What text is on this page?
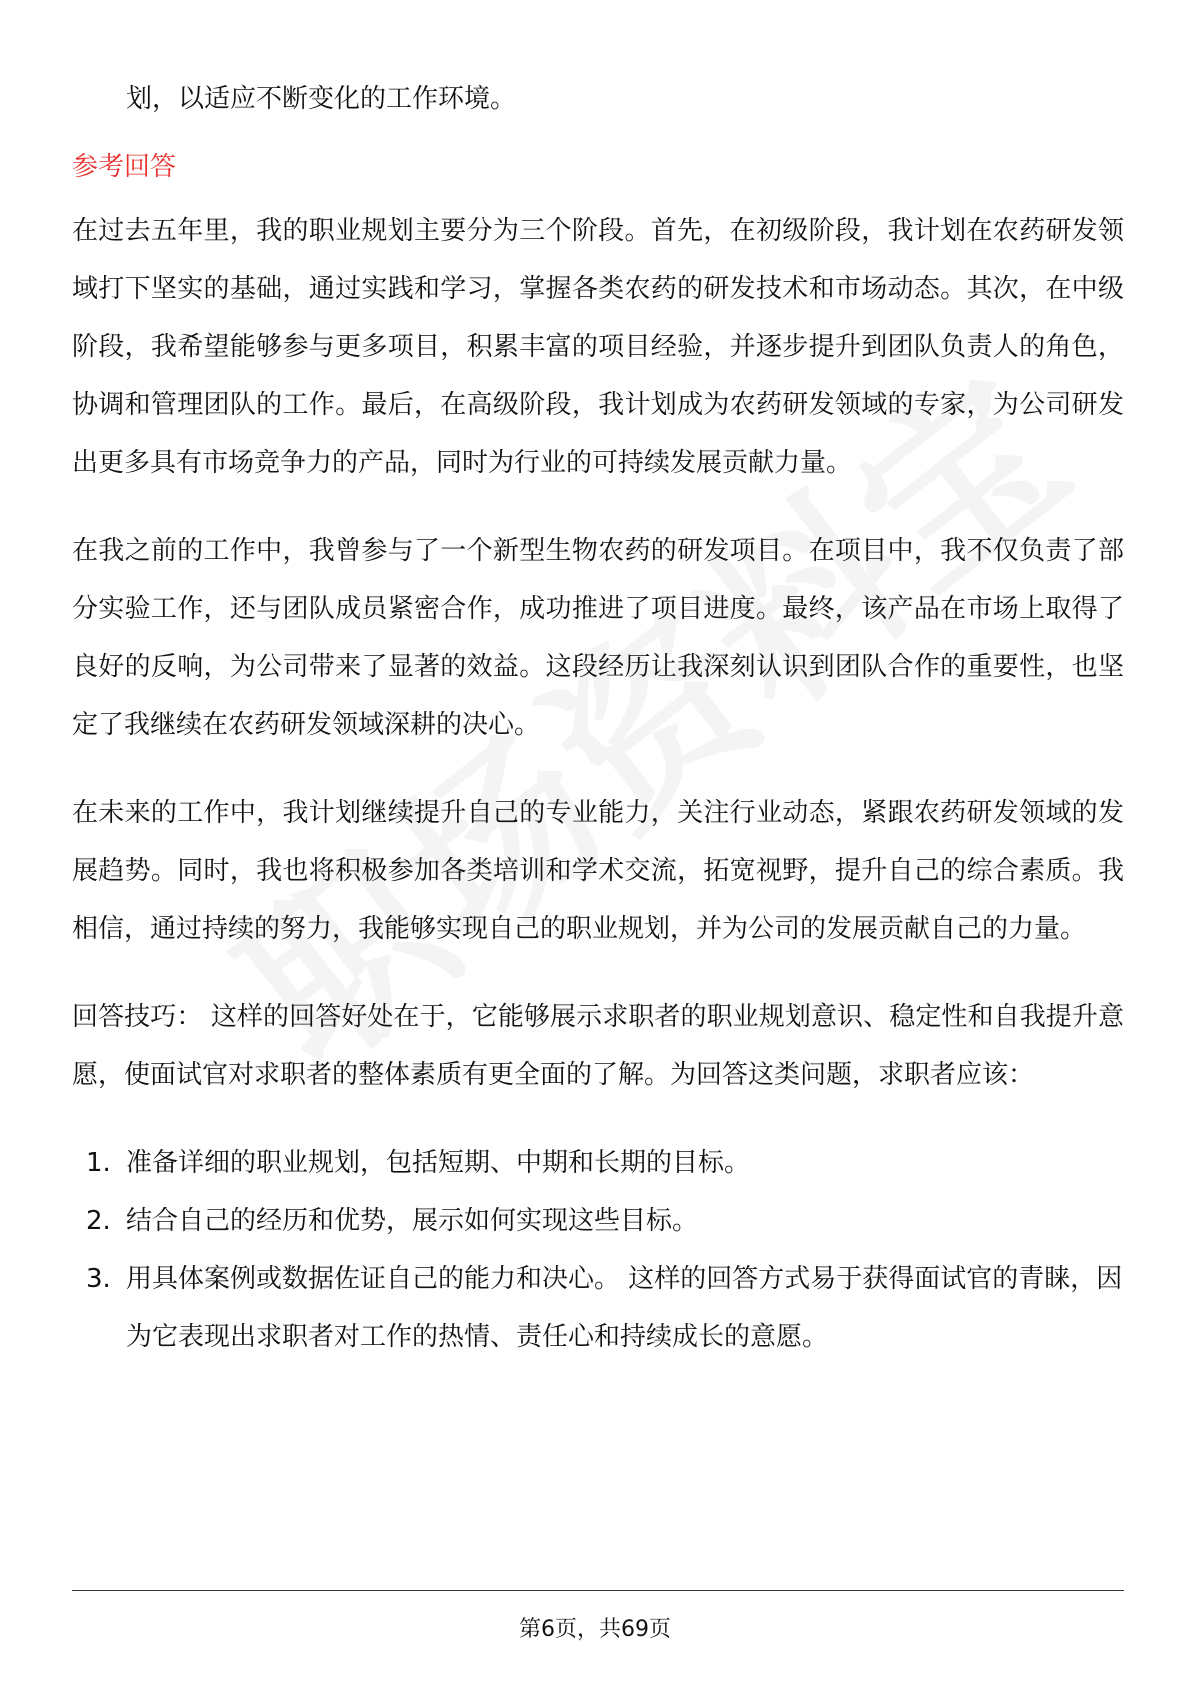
划，以适应不断变化的工作环境。
参考回答

在过去五年里，我的职业规划主要分为三个阶段。首先，在初级阶段，我计划在农药研发领域打下坚实的基础，通过实践和学习，掌握各类农药的研发技术和市场动态。其次，在中级阶段，我希望能够参与更多项目，积累丰富的项目经验，并逐步提升到团队负责人的角色，协调和管理团队的工作。最后，在高级阶段，我计划成为农药研发领域的专家，为公司研发出更多具有市场竞争力的产品，同时为行业的可持续发展贡献力量。

在我之前的工作中，我曾参与了一个新型生物农药的研发项目。在项目中，我不仅负责了部分实验工作，还与团队成员紧密合作，成功推进了项目进度。最终，该产品在市场上取得了良好的反响，为公司带来了显著的效益。这段经历让我深刻认识到团队合作的重要性，也坚定了我继续在农药研发领域深耕的决心。

在未来的工作中，我计划继续提升自己的专业能力，关注行业动态，紧跟农药研发领域的发展趋势。同时，我也将积极参加各类培训和学术交流，拓宽视野，提升自己的综合素质。我相信，通过持续的努力，我能够实现自己的职业规划，并为公司的发展贡献自己的力量。

回答技巧： 这样的回答好处在于，它能够展示求职者的职业规划意识、稳定性和自我提升意愿，使面试官对求职者的整体素质有更全面的了解。为回答这类问题，求职者应该：

1. 准备详细的职业规划，包括短期、中期和长期的目标。
2. 结合自己的经历和优势，展示如何实现这些目标。
3. 用具体案例或数据佐证自己的能力和决心。 这样的回答方式易于获得面试官的青睐，因为它表现出求职者对工作的热情、责任心和持续成长的意愿。
第6页，共69页
